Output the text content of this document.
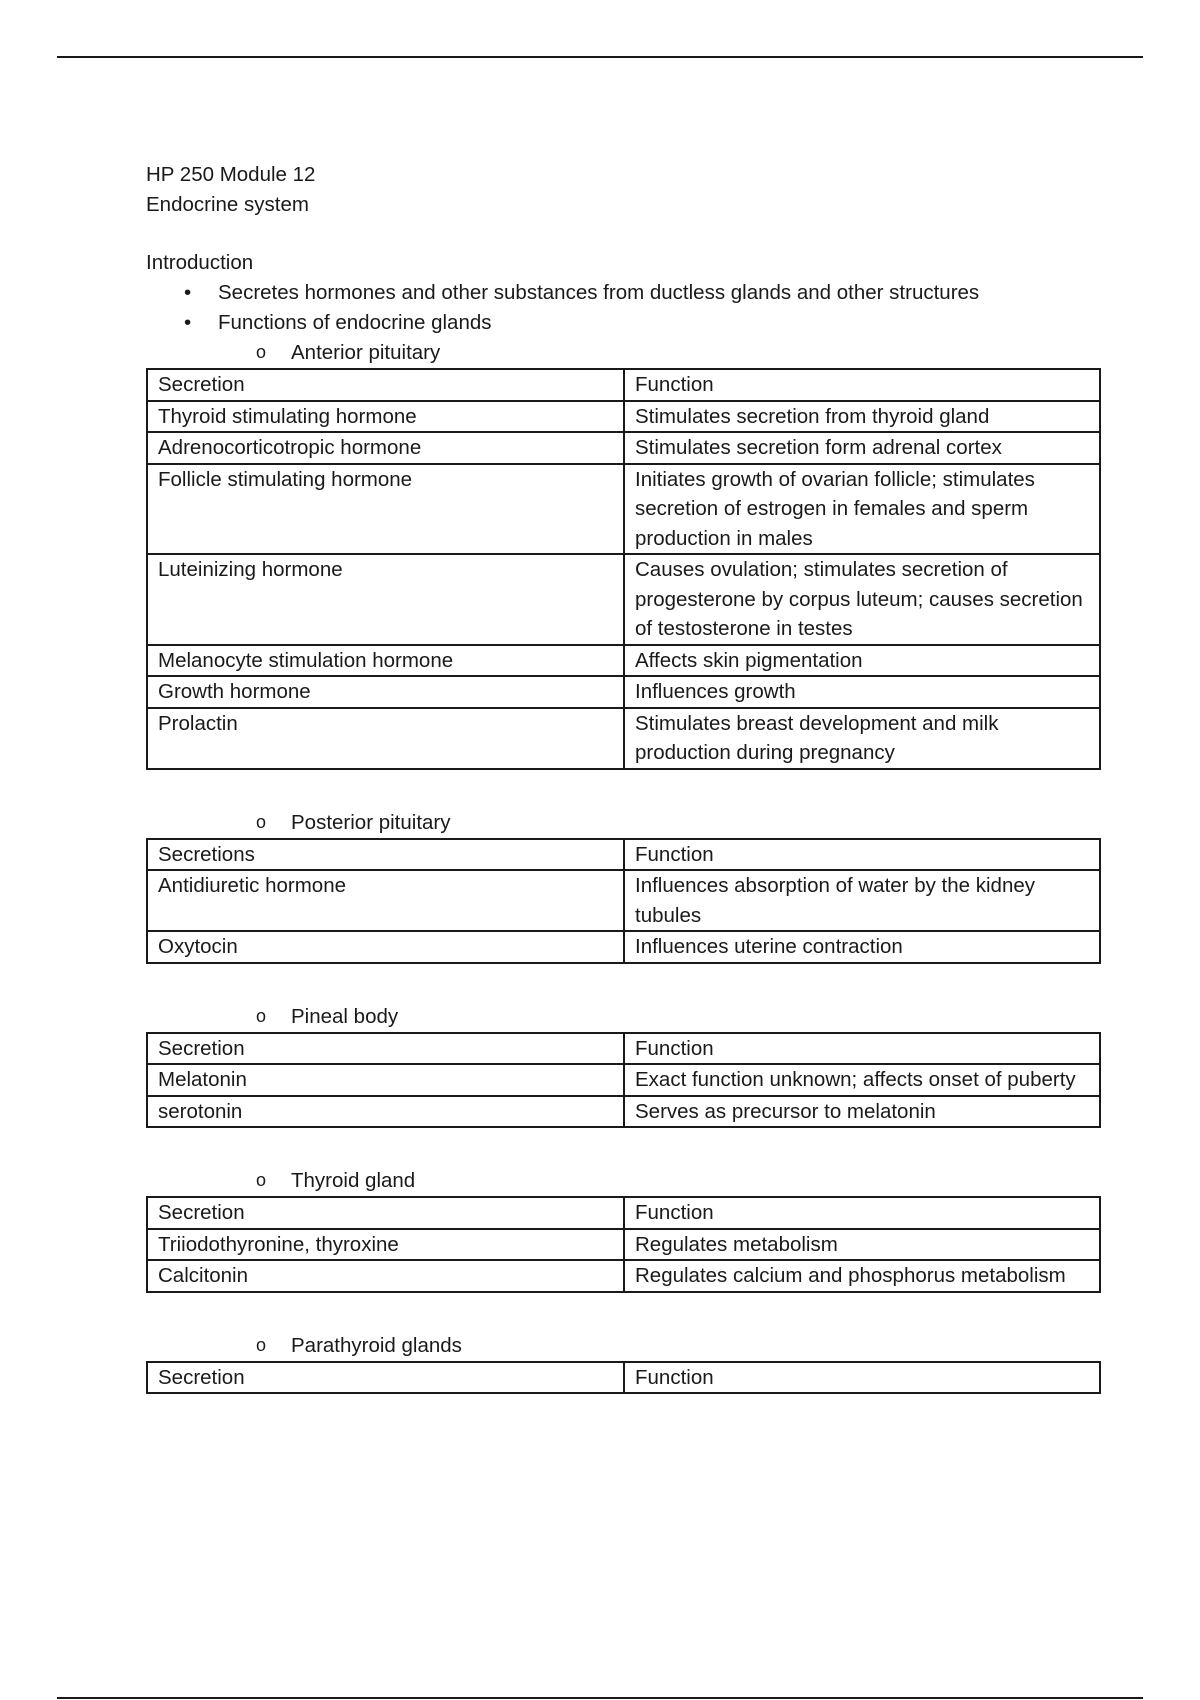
HP 250 Module 12

Endocrine system

Introduction

• Secretes hormones and other substances from ductless glands and other structures

• Functions of endocrine glands

o Anterior pituitary

Secretion	Function
Thyroid stimulating hormone	Stimulates secretion from thyroid gland
Adrenocorticotropic hormone	Stimulates secretion form adrenal cortex
Follicle stimulating hormone	Initiates growth of ovarian follicle; stimulates secretion of estrogen in females and sperm production in males
Luteinizing hormone	Causes ovulation; stimulates secretion of progesterone by corpus luteum; causes secretion of testosterone in testes
Melanocyte stimulation hormone	Affects skin pigmentation
Growth hormone	Influences growth
Prolactin	Stimulates breast development and milk production during pregnancy

o Posterior pituitary

Secretions	Function
Antidiuretic hormone	Influences absorption of water by the kidney tubules
Oxytocin	Influences uterine contraction

o Pineal body

Secretion	Function
Melatonin	Exact function unknown; affects onset of puberty
serotonin	Serves as precursor to melatonin

o Thyroid gland

Secretion	Function
Triiodothyronine, thyroxine	Regulates metabolism
Calcitonin	Regulates calcium and phosphorus metabolism

o Parathyroid glands

Secretion	Function
